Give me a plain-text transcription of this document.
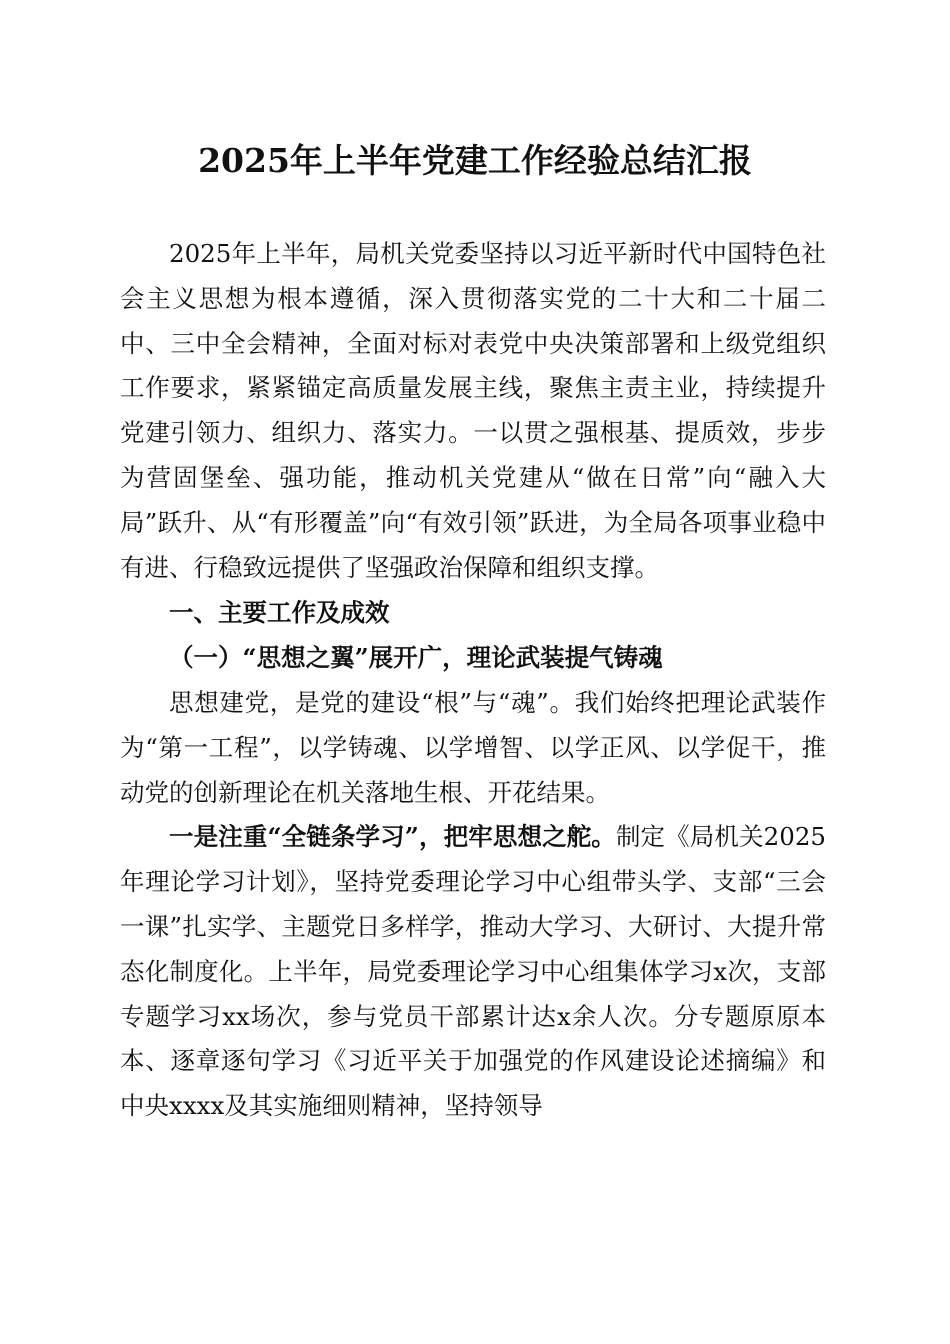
2025年上半年党建工作经验总结汇报

2025年上半年，局机关党委坚持以习近平新时代中国特色社会主义思想为根本遵循，深入贯彻落实党的二十大和二十届二中、三中全会精神，全面对标对表党中央决策部署和上级党组织工作要求，紧紧锚定高质量发展主线，聚焦主责主业，持续提升党建引领力、组织力、落实力。一以贯之强根基、提质效，步步为营固堡垒、强功能，推动机关党建从“做在日常”向“融入大局”跃升、从“有形覆盖”向“有效引领”跃进，为全局各项事业稳中有进、行稳致远提供了坚强政治保障和组织支撑。

一、主要工作及成效

（一）“思想之翼”展开广，理论武装提气铸魂

思想建党，是党的建设“根”与“魂”。我们始终把理论武装作为“第一工程”，以学铸魂、以学增智、以学正风、以学促干，推动党的创新理论在机关落地生根、开花结果。

一是注重“全链条学习”，把牢思想之舵。制定《局机关2025年理论学习计划》，坚持党委理论学习中心组带头学、支部“三会一课”扎实学、主题党日多样学，推动大学习、大研讨、大提升常态化制度化。上半年，局党委理论学习中心组集体学习x次，支部专题学习xx场次，参与党员干部累计达x余人次。分专题原原本本、逐章逐句学习《习近平关于加强党的作风建设论述摘编》和中央xxxx及其实施细则精神，坚持领导
